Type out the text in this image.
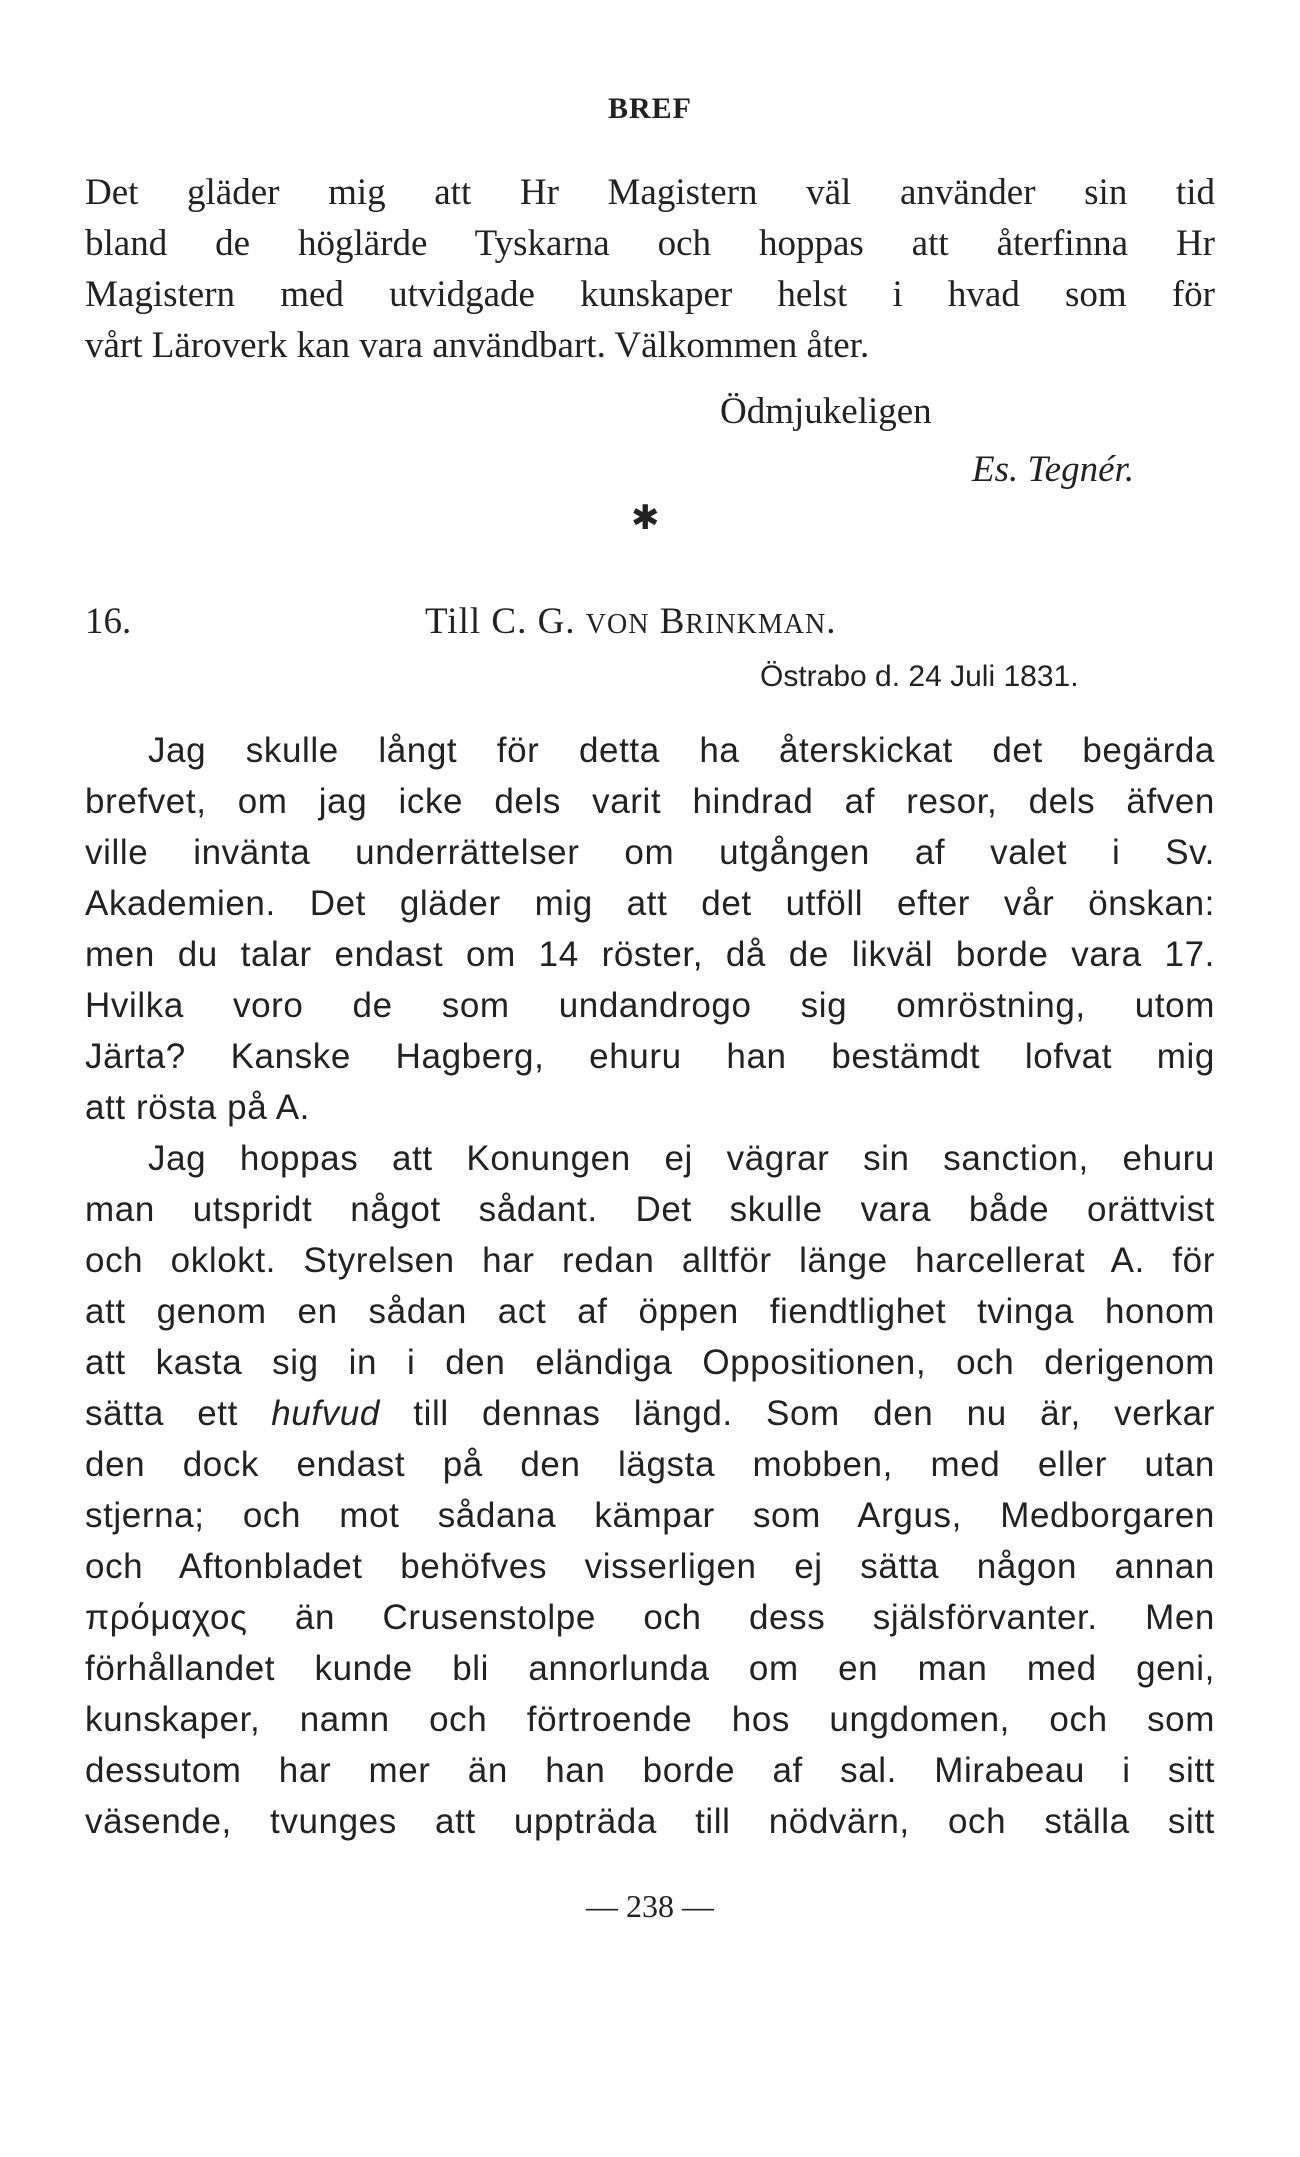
BREF
Det gläder mig att Hr Magistern väl använder sin tid
bland de höglärde Tyskarna och hoppas att återfinna Hr
Magistern med utvidgade kunskaper helst i hvad som för
vårt Läroverk kan vara användbart. Välkommen åter.
Ödmjukeligen
Es. Tegnér.
✱
16.	Till C. G. VON BRINKMAN.
Östrabo d. 24 Juli 1831.
Jag skulle långt för detta ha återskickat det begärda
brefvet, om jag icke dels varit hindrad af resor, dels äfven
ville invänta underrättelser om utgången af valet i Sv.
Akademien. Det gläder mig att det utföll efter vår önskan:
men du talar endast om 14 röster, då de likväl borde vara 17.
Hvilka voro de som undandrogo sig omröstning, utom
Järta? Kanske Hagberg, ehuru han bestämdt lofvat mig
att rösta på A.
Jag hoppas att Konungen ej vägrar sin sanction, ehuru
man utspridt något sådant. Det skulle vara både orättvist
och oklokt. Styrelsen har redan alltför länge harcellerat A. för
att genom en sådan act af öppen fiendtlighet tvinga honom
att kasta sig in i den eländiga Oppositionen, och derigenom
sätta ett hufvud till dennas längd. Som den nu är, verkar
den dock endast på den lägsta mobben, med eller utan
stjerna; och mot sådana kämpar som Argus, Medborgaren
och Aftonbladet behöfves visserligen ej sätta någon annan
πρόμαχος än Crusenstolpe och dess själsförvanter. Men
förhållandet kunde bli annorlunda om en man med geni,
kunskaper, namn och förtroende hos ungdomen, och som
dessutom har mer än han borde af sal. Mirabeau i sitt
väsende, tvunges att uppträda till nödvärn, och ställa sitt
— 238 —
